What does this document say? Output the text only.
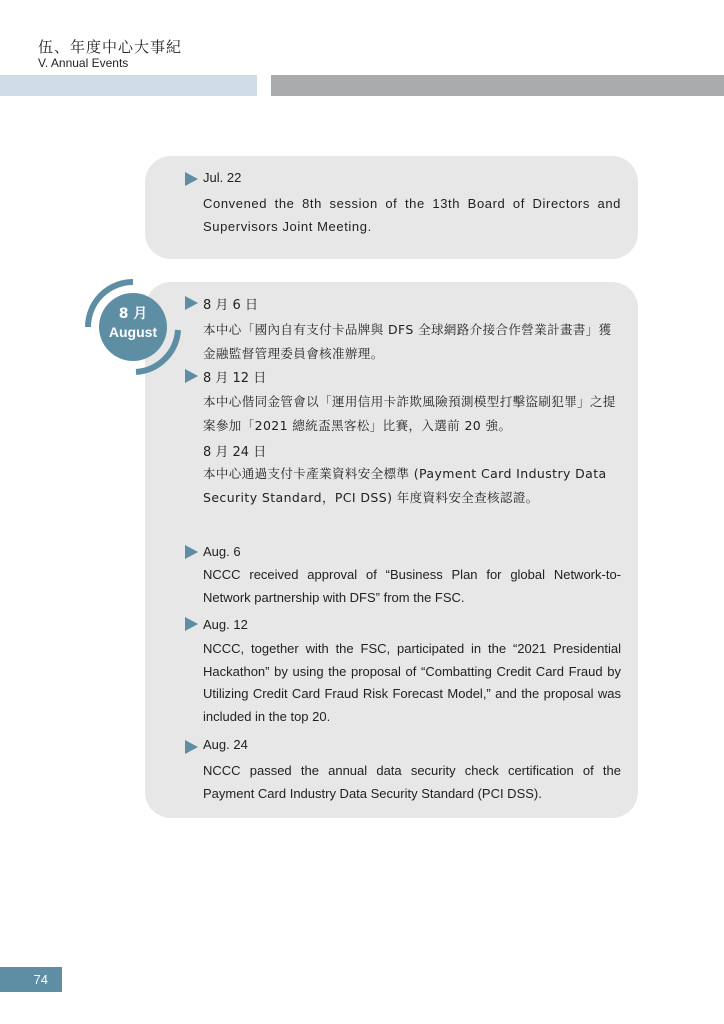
伍、年度中心大事紀
V. Annual Events
Jul. 22
Convened the 8th session of the 13th Board of Directors and Supervisors Joint Meeting.
8 月
August
8 月 6 日
本中心「國內自有支付卡品牌與 DFS 全球網路介接合作營業計畫書」獲金融監督管理委員會核准辦理。
8 月 12 日
本中心偕同金管會以「運用信用卡詐欺風險預測模型打擊盜刷犯罪」之提案參加「2021 總統盃黑客松」比賽，入選前 20 強。
8 月 24 日
本中心通過支付卡產業資料安全標準 (Payment Card Industry Data Security Standard，PCI DSS) 年度資料安全查核認證。
Aug. 6
NCCC received approval of “Business Plan for global Network-to-Network partnership with DFS” from the FSC.
Aug. 12
NCCC, together with the FSC, participated in the “2021 Presidential Hackathon” by using the proposal of “Combatting Credit Card Fraud by Utilizing Credit Card Fraud Risk Forecast Model,” and the proposal was included in the top 20.
Aug. 24
NCCC passed the annual data security check certification of the Payment Card Industry Data Security Standard (PCI DSS).
74
